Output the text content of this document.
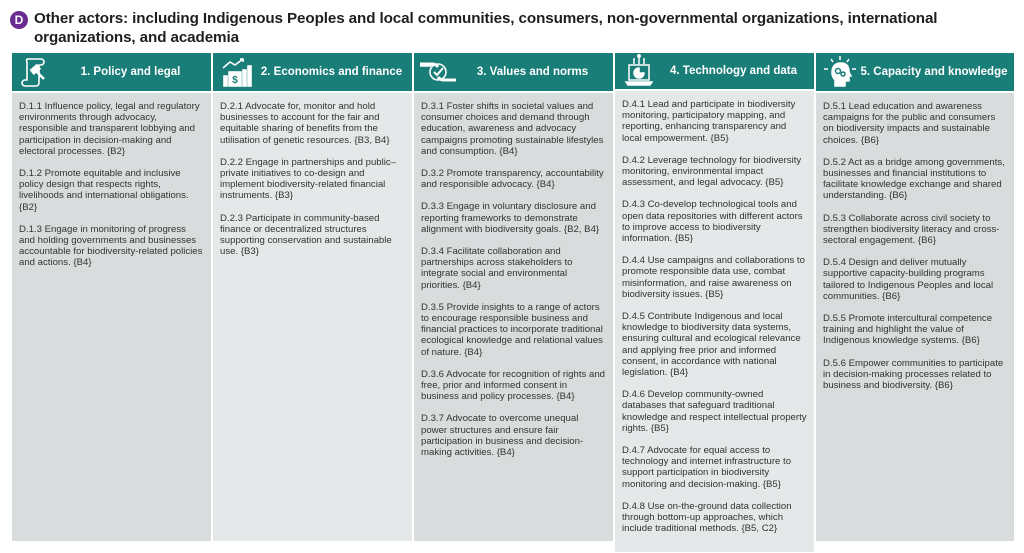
D Other actors: including Indigenous Peoples and local communities, consumers, non-governmental organizations, international organizations, and academia
1. Policy and legal
D.1.1 Influence policy, legal and regulatory environments through advocacy, responsible and transparent lobbying and participation in decision-making and electoral processes. {B2}
D.1.2 Promote equitable and inclusive policy design that respects rights, livelihoods and international obligations. {B2}
D.1.3 Engage in monitoring of progress and holding governments and businesses accountable for biodiversity-related policies and actions. {B4}
$
2. Economics and finance
D.2.1 Advocate for, monitor and hold businesses to account for the fair and equitable sharing of benefits from the utilisation of genetic resources. {B3, B4}
D.2.2 Engage in partnerships and public–private initiatives to co-design and implement biodiversity-related financial instruments. {B3}
D.2.3 Participate in community-based finance or decentralized structures supporting conservation and sustainable use. {B3}
3. Values and norms
D.3.1 Foster shifts in societal values and consumer choices and demand through education, awareness and advocacy campaigns promoting sustainable lifestyles and consumption. {B4}
D.3.2 Promote transparency, accountability and responsible advocacy. {B4}
D.3.3 Engage in voluntary disclosure and reporting frameworks to demonstrate alignment with biodiversity goals. {B2, B4}
D.3.4 Facilitate collaboration and partnerships across stakeholders to integrate social and environmental priorities. {B4}
D.3.5 Provide insights to a range of actors to encourage responsible business and financial practices to incorporate traditional ecological knowledge and relational values of nature. {B4}
D.3.6 Advocate for recognition of rights and free, prior and informed consent in business and policy processes. {B4}
D.3.7 Advocate to overcome unequal power structures and ensure fair participation in business and decision-making activities. {B4}
4. Technology and data
D.4.1 Lead and participate in biodiversity monitoring, participatory mapping, and reporting, enhancing transparency and local empowerment. {B5}
D.4.2 Leverage technology for biodiversity monitoring, environmental impact assessment, and legal advocacy. {B5}
D.4.3 Co-develop technological tools and open data repositories with different actors to improve access to biodiversity information. {B5}
D.4.4 Use campaigns and collaborations to promote responsible data use, combat misinformation, and raise awareness on biodiversity issues. {B5}
D.4.5 Contribute Indigenous and local knowledge to biodiversity data systems, ensuring cultural and ecological relevance and applying free prior and informed consent, in accordance with national legislation. {B4}
D.4.6 Develop community-owned databases that safeguard traditional knowledge and respect intellectual property rights. {B5}
D.4.7 Advocate for equal access to technology and internet infrastructure to support participation in biodiversity monitoring and decision-making. {B5}
D.4.8 Use on-the-ground data collection through bottom-up approaches, which include traditional methods. {B5, C2}
5. Capacity and knowledge
D.5.1 Lead education and awareness campaigns for the public and consumers on biodiversity impacts and sustainable choices. {B6}
D.5.2 Act as a bridge among governments, businesses and financial institutions to facilitate knowledge exchange and shared understanding. {B6}
D.5.3 Collaborate across civil society to strengthen biodiversity literacy and cross-sectoral engagement. {B6}
D.5.4 Design and deliver mutually supportive capacity-building programs tailored to Indigenous Peoples and local communities. {B6}
D.5.5 Promote intercultural competence training and highlight the value of Indigenous knowledge systems. {B6}
D.5.6 Empower communities to participate in decision-making processes related to business and biodiversity. {B6}
